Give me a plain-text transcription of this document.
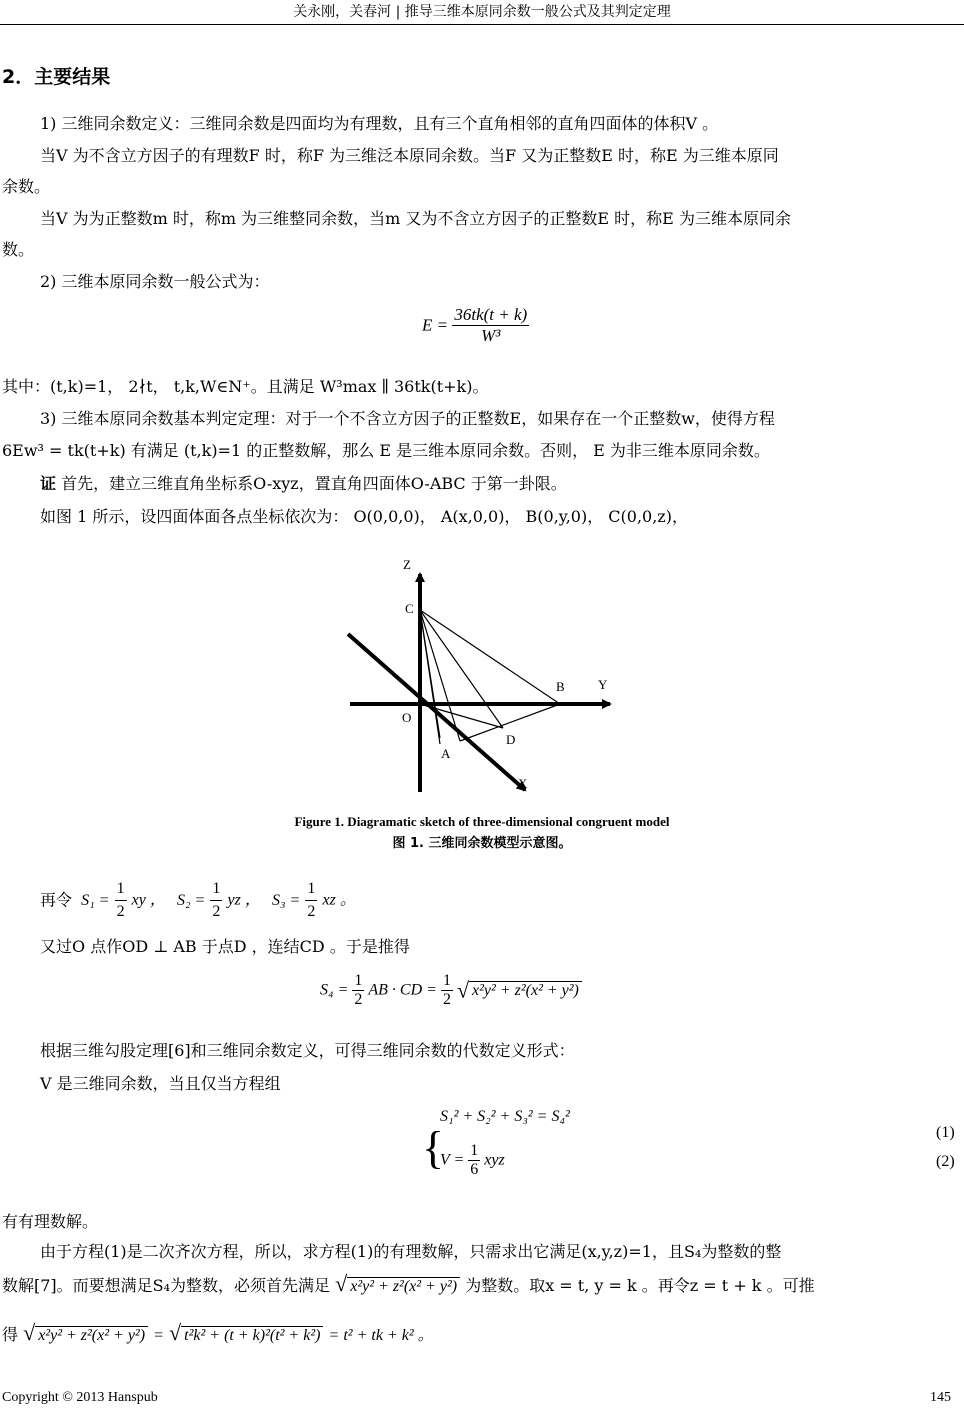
关永刚，关春河 | 推导三维本原同余数一般公式及其判定定理
2．主要结果
1) 三维同余数定义：三维同余数是四面均为有理数，且有三个直角相邻的直角四面体的体积V 。
当V 为不含立方因子的有理数F 时，称F 为三维泛本原同余数。当F 又为正整数E 时，称E 为三维本原同
余数。
当V 为为正整数m 时，称m 为三维整同余数，当m 又为不含立方因子的正整数E 时，称E 为三维本原同余
数。
2) 三维本原同余数一般公式为：
$E = \frac{36tk(t + k)}{\text{W³}}$
其中：(t,k)=1， 2∤t， t,k,W∈N⁺。且满足 W³max ∥ 36tk(t+k)。
3) 三维本原同余数基本判定定理：对于一个不含立方因子的正整数E，如果存在一个正整数w，使得方程
6Ew³ = tk(t+k) 有满足 (t,k)=1 的正整数解，那么 E 是三维本原同余数。否则， E 为非三维本原同余数。
证 首先，建立三维直角坐标系O-xyz，置直角四面体O-ABC 于第一卦限。
如图 1 所示，设四面体面各点坐标依次为： O(0,0,0)， A(x,0,0)， B(0,y,0)， C(0,0,z)，
Z
C
B	Y
O
D
A
X
Figure 1. Diagramatic sketch of three-dimensional congruent model
图 1. 三维同余数模型示意图。
再令 $S_1 = \frac{1}{2}$ xy ， $S_2 = \frac{1}{2}$ yz ， $S_3 = \frac{1}{2}$ xz 。
又过O 点作OD ⊥ AB 于点D ，连结CD 。于是推得
$S_4 = \frac{1}{2}$ AB · CD = $\frac{1}{2}$ √ x²y² + z²(x² + y²)
根据三维勾股定理[6]和三维同余数定义，可得三维同余数的代数定义形式：
V 是三维同余数，当且仅当方程组
{
S₁² + S₂² + S₃² = S₄²
$V = \frac{1}{6}$ xyz
(1)
(2)
有有理数解。
由于方程(1)是二次齐次方程，所以，求方程(1)的有理数解，只需求出它满足(x,y,z)=1，且S₄为整数的整
数解[7]。而要想满足S₄为整数，必须首先满足 √ x²y² + z²(x² + y²) 为整数。取x = t, y = k 。再令z = t + k 。可推
得 √ x²y² + z²(x² + y²) = √ t²k² + (t + k)²(t² + k²) = t² + tk + k² 。
Copyright © 2013 Hanspub	145
